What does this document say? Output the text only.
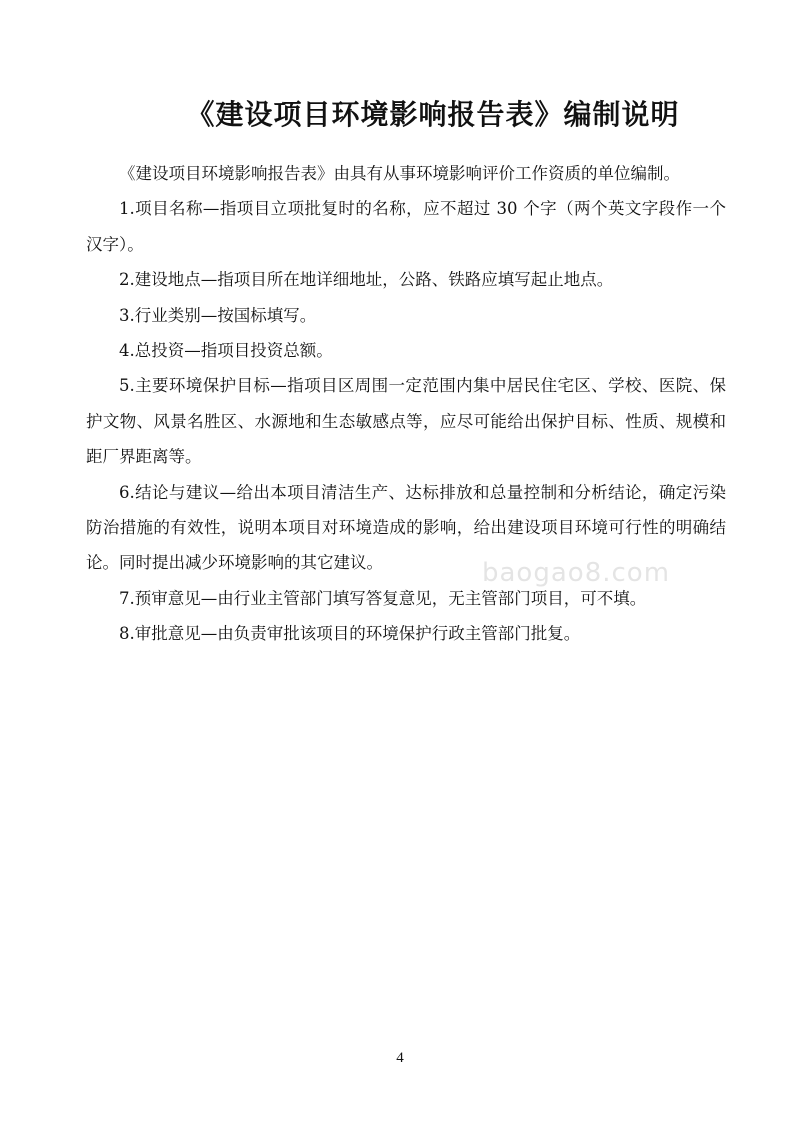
《建设项目环境影响报告表》编制说明

《建设项目环境影响报告表》由具有从事环境影响评价工作资质的单位编制。

1.项目名称—指项目立项批复时的名称，应不超过 30 个字（两个英文字段作一个汉字）。

2.建设地点—指项目所在地详细地址，公路、铁路应填写起止地点。

3.行业类别—按国标填写。

4.总投资—指项目投资总额。

5.主要环境保护目标—指项目区周围一定范围内集中居民住宅区、学校、医院、保护文物、风景名胜区、水源地和生态敏感点等，应尽可能给出保护目标、性质、规模和距厂界距离等。

6.结论与建议—给出本项目清洁生产、达标排放和总量控制和分析结论，确定污染防治措施的有效性，说明本项目对环境造成的影响，给出建设项目环境可行性的明确结论。同时提出减少环境影响的其它建议。

7.预审意见—由行业主管部门填写答复意见，无主管部门项目，可不填。

8.审批意见—由负责审批该项目的环境保护行政主管部门批复。

baogao8.com
4
